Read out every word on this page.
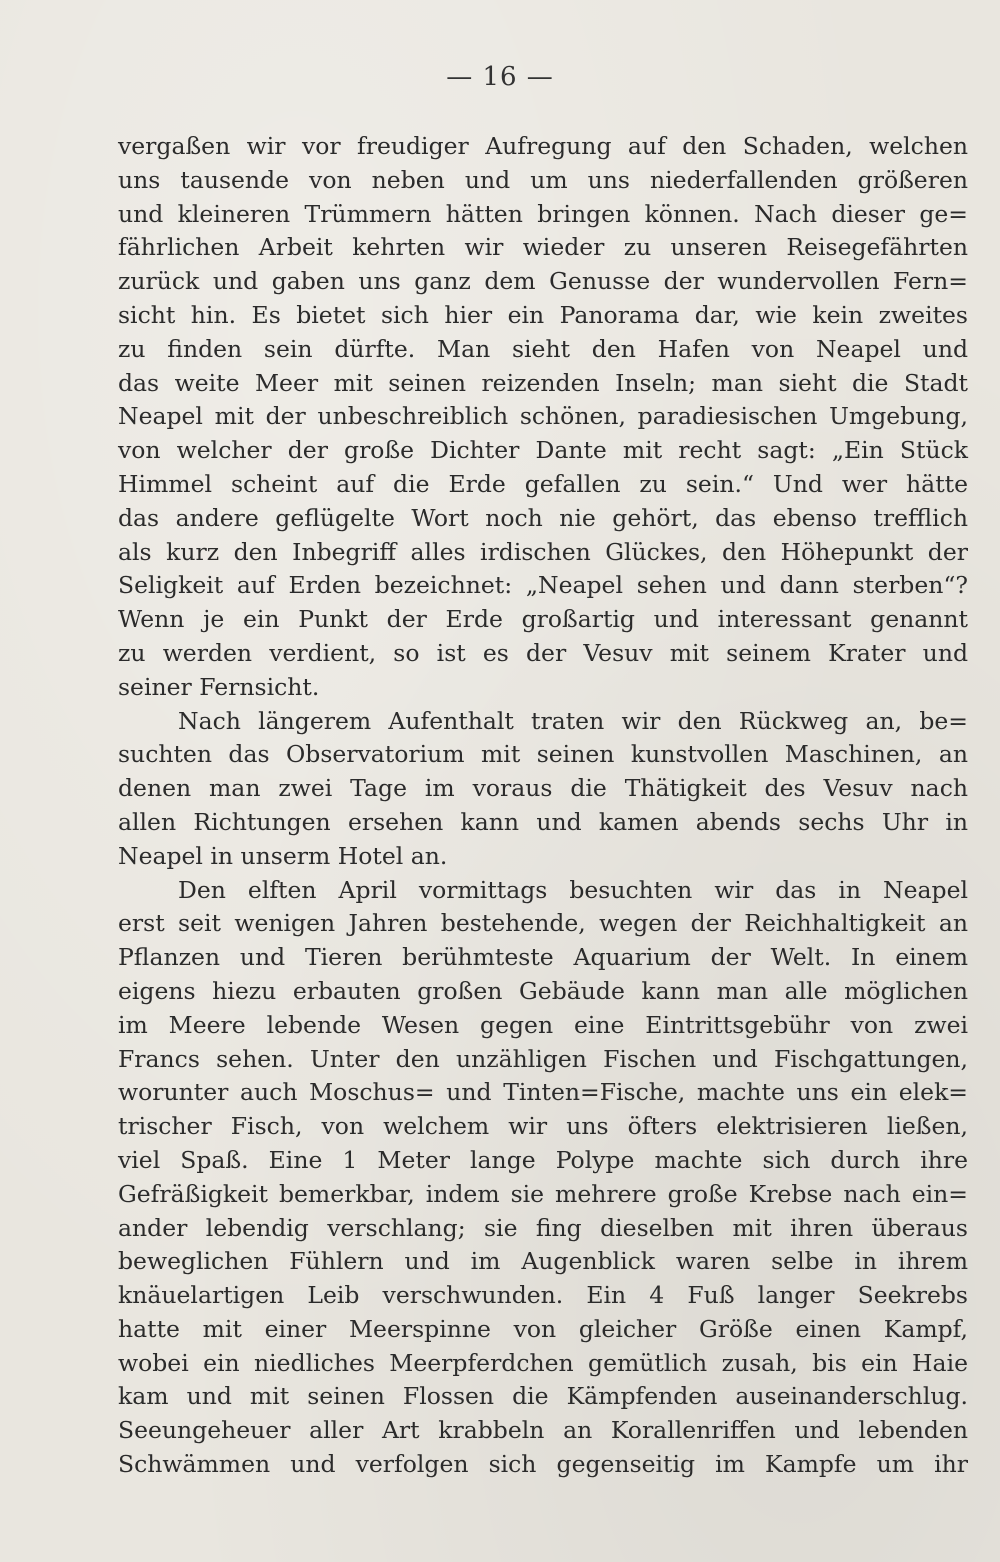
— 16 —
vergaßen wir vor freudiger Aufregung auf den Schaden, welchen
uns tausende von neben und um uns niederfallenden größeren
und kleineren Trümmern hätten bringen können. Nach dieser ge=
fährlichen Arbeit kehrten wir wieder zu unseren Reisegefährten
zurück und gaben uns ganz dem Genusse der wundervollen Fern=
sicht hin. Es bietet sich hier ein Panorama dar, wie kein zweites
zu finden sein dürfte. Man sieht den Hafen von Neapel und
das weite Meer mit seinen reizenden Inseln; man sieht die Stadt
Neapel mit der unbeschreiblich schönen, paradiesischen Umgebung,
von welcher der große Dichter Dante mit recht sagt: „Ein Stück
Himmel scheint auf die Erde gefallen zu sein.“ Und wer hätte
das andere geflügelte Wort noch nie gehört, das ebenso trefflich
als kurz den Inbegriff alles irdischen Glückes, den Höhepunkt der
Seligkeit auf Erden bezeichnet: „Neapel sehen und dann sterben“?
Wenn je ein Punkt der Erde großartig und interessant genannt
zu werden verdient, so ist es der Vesuv mit seinem Krater und
seiner Fernsicht.
Nach längerem Aufenthalt traten wir den Rückweg an, be=
suchten das Observatorium mit seinen kunstvollen Maschinen, an
denen man zwei Tage im voraus die Thätigkeit des Vesuv nach
allen Richtungen ersehen kann und kamen abends sechs Uhr in
Neapel in unserm Hotel an.
Den elften April vormittags besuchten wir das in Neapel
erst seit wenigen Jahren bestehende, wegen der Reichhaltigkeit an
Pflanzen und Tieren berühmteste Aquarium der Welt. In einem
eigens hiezu erbauten großen Gebäude kann man alle möglichen
im Meere lebende Wesen gegen eine Eintrittsgebühr von zwei
Francs sehen. Unter den unzähligen Fischen und Fischgattungen,
worunter auch Moschus= und Tinten=Fische, machte uns ein elek=
trischer Fisch, von welchem wir uns öfters elektrisieren ließen,
viel Spaß. Eine 1 Meter lange Polype machte sich durch ihre
Gefräßigkeit bemerkbar, indem sie mehrere große Krebse nach ein=
ander lebendig verschlang; sie fing dieselben mit ihren überaus
beweglichen Fühlern und im Augenblick waren selbe in ihrem
knäuelartigen Leib verschwunden. Ein 4 Fuß langer Seekrebs
hatte mit einer Meerspinne von gleicher Größe einen Kampf,
wobei ein niedliches Meerpferdchen gemütlich zusah, bis ein Haie
kam und mit seinen Flossen die Kämpfenden auseinanderschlug.
Seeungeheuer aller Art krabbeln an Korallenriffen und lebenden
Schwämmen und verfolgen sich gegenseitig im Kampfe um ihr
